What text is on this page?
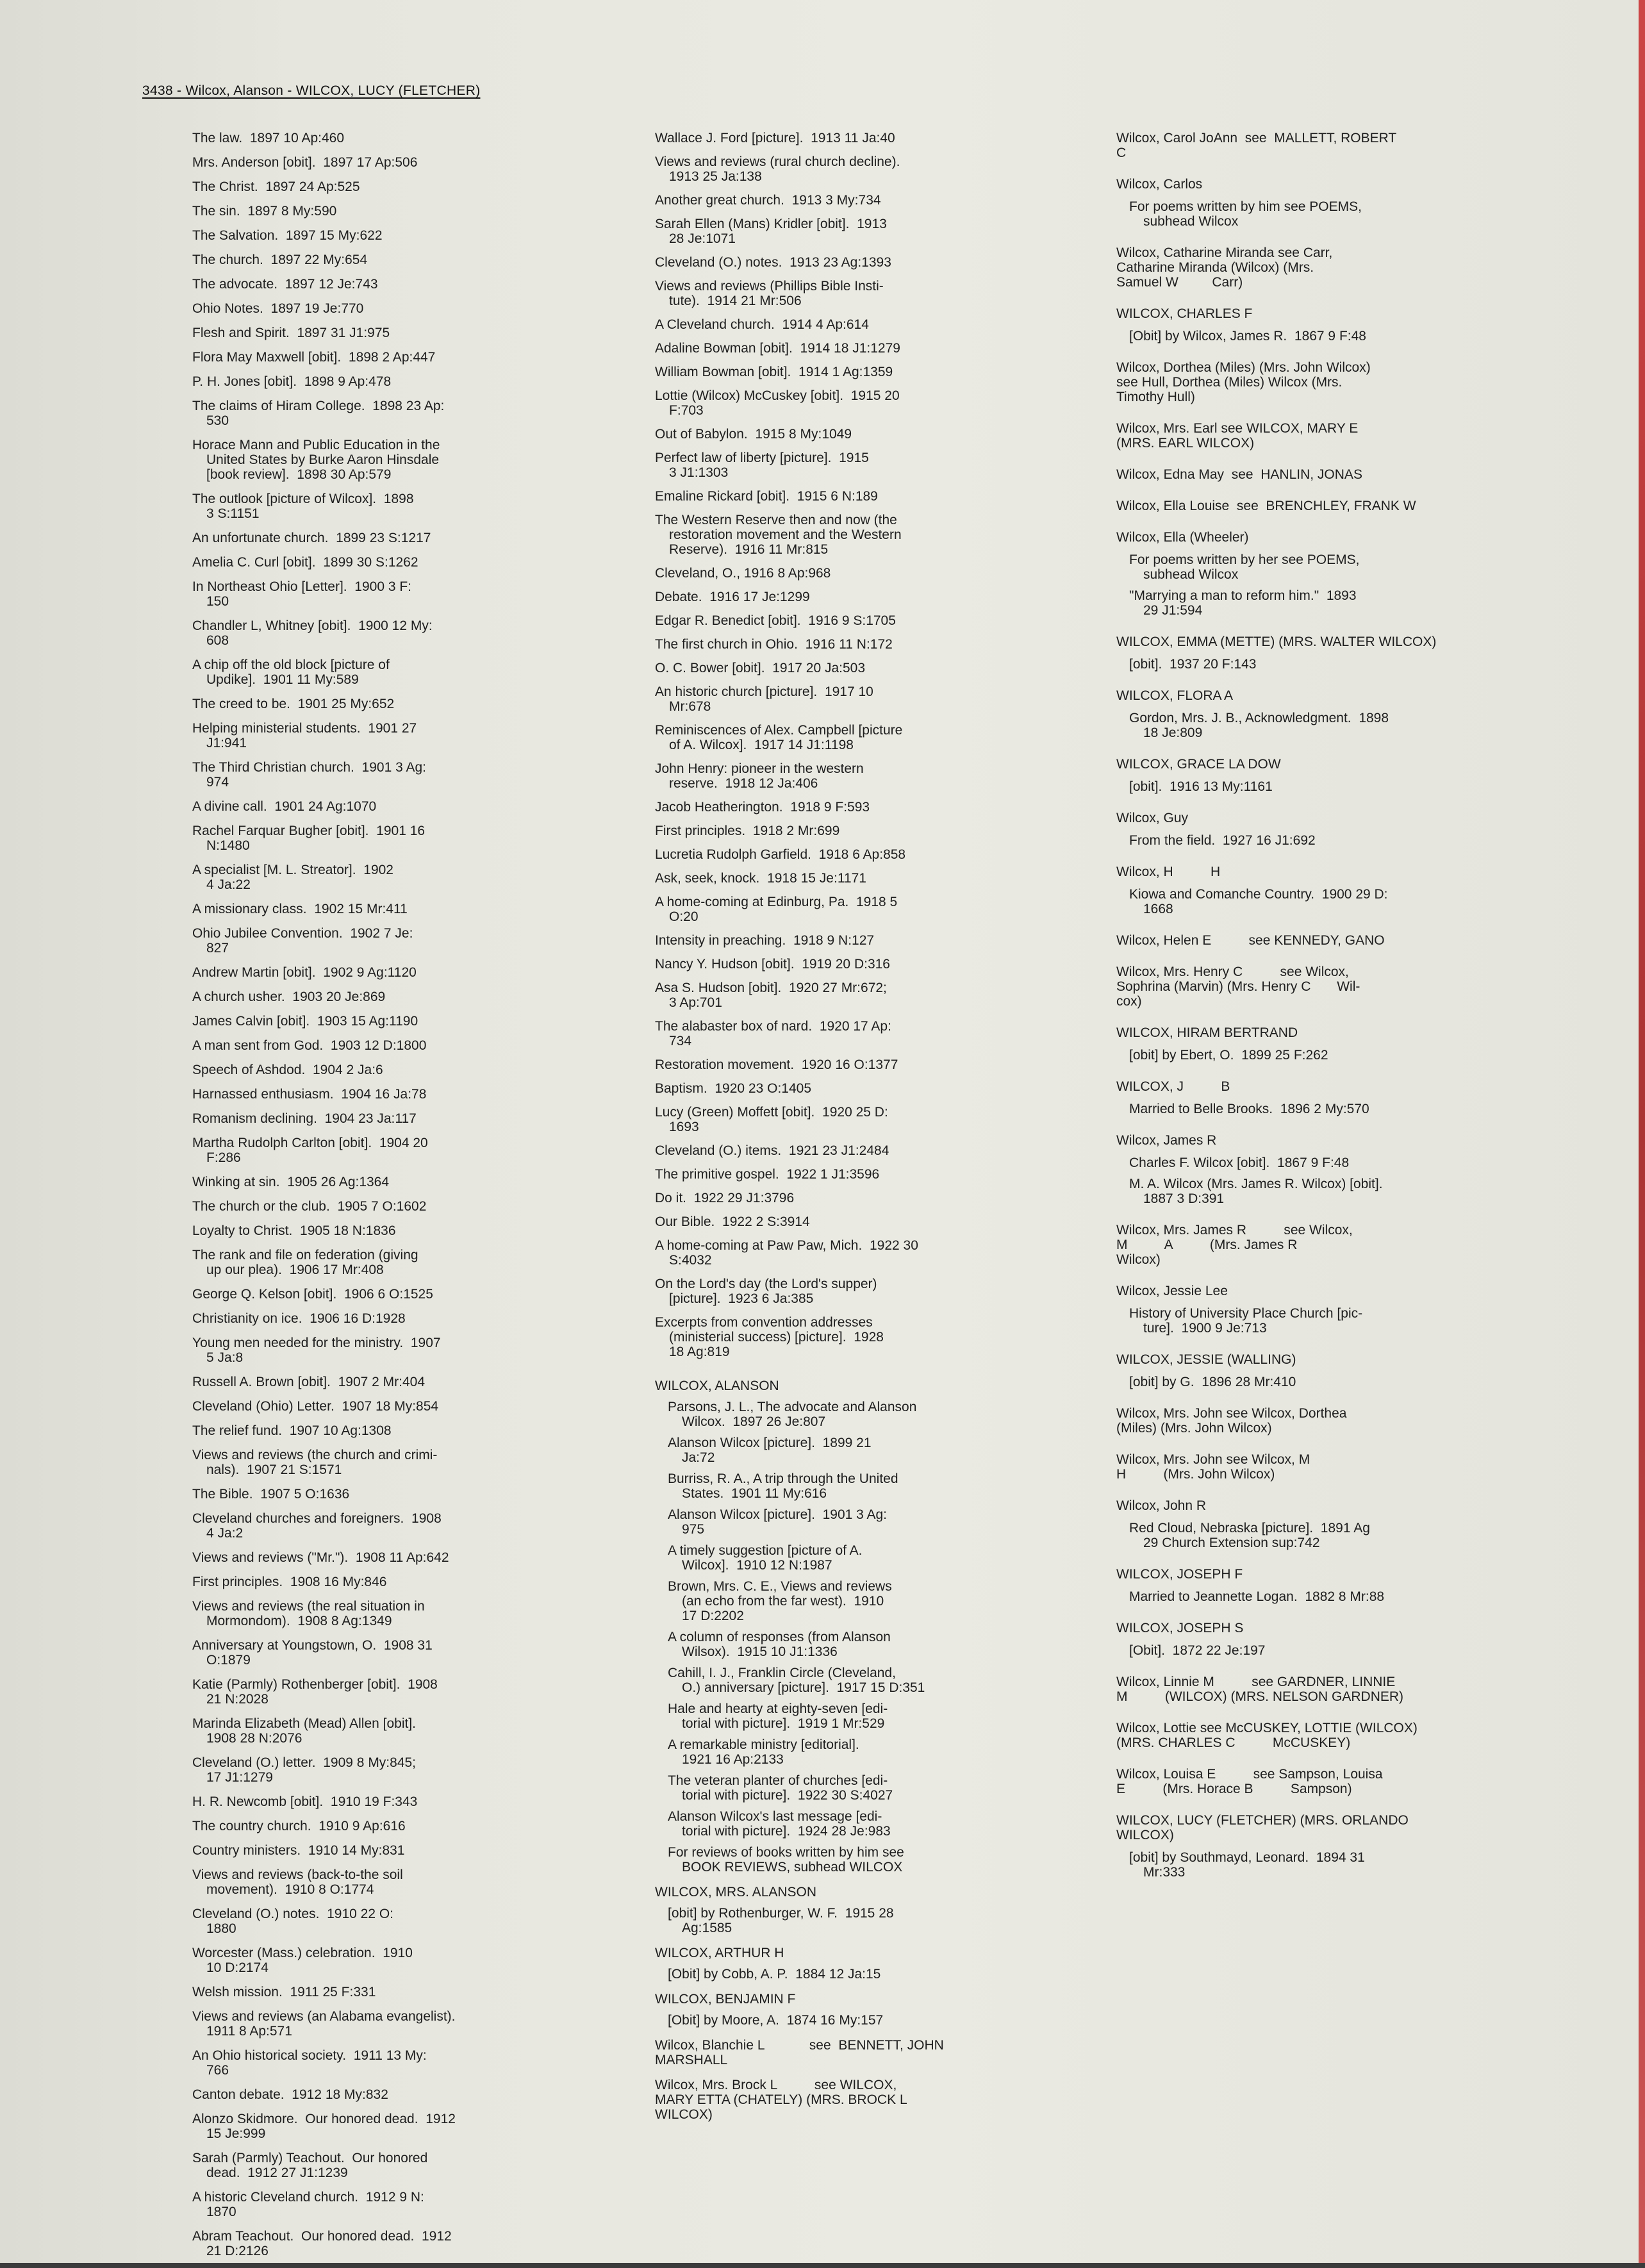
3438 - Wilcox, Alanson - WILCOX, LUCY (FLETCHER)
The law.  1897 10 Ap:460
Mrs. Anderson [obit].  1897 17 Ap:506
The Christ.  1897 24 Ap:525
The sin.  1897 8 My:590
The Salvation.  1897 15 My:622
The church.  1897 22 My:654
The advocate.  1897 12 Je:743
Ohio Notes.  1897 19 Je:770
Flesh and Spirit.  1897 31 J1:975
Flora May Maxwell [obit].  1898 2 Ap:447
P. H. Jones [obit].  1898 9 Ap:478
The claims of Hiram College.  1898 23 Ap:
530
Horace Mann and Public Education in the
United States by Burke Aaron Hinsdale
[book review].  1898 30 Ap:579
The outlook [picture of Wilcox].  1898
3 S:1151
An unfortunate church.  1899 23 S:1217
Amelia C. Curl [obit].  1899 30 S:1262
In Northeast Ohio [Letter].  1900 3 F:
150
Chandler L, Whitney [obit].  1900 12 My:
608
A chip off the old block [picture of
Updike].  1901 11 My:589
The creed to be.  1901 25 My:652
Helping ministerial students.  1901 27
J1:941
The Third Christian church.  1901 3 Ag:
974
A divine call.  1901 24 Ag:1070
Rachel Farquar Bugher [obit].  1901 16
N:1480
A specialist [M. L. Streator].  1902
4 Ja:22
A missionary class.  1902 15 Mr:411
Ohio Jubilee Convention.  1902 7 Je:
827
Andrew Martin [obit].  1902 9 Ag:1120
A church usher.  1903 20 Je:869
James Calvin [obit].  1903 15 Ag:1190
A man sent from God.  1903 12 D:1800
Speech of Ashdod.  1904 2 Ja:6
Harnassed enthusiasm.  1904 16 Ja:78
Romanism declining.  1904 23 Ja:117
Martha Rudolph Carlton [obit].  1904 20
F:286
Winking at sin.  1905 26 Ag:1364
The church or the club.  1905 7 O:1602
Loyalty to Christ.  1905 18 N:1836
The rank and file on federation (giving
up our plea).  1906 17 Mr:408
George Q. Kelson [obit].  1906 6 O:1525
Christianity on ice.  1906 16 D:1928
Young men needed for the ministry.  1907
5 Ja:8
Russell A. Brown [obit].  1907 2 Mr:404
Cleveland (Ohio) Letter.  1907 18 My:854
The relief fund.  1907 10 Ag:1308
Views and reviews (the church and crimi-
nals).  1907 21 S:1571
The Bible.  1907 5 O:1636
Cleveland churches and foreigners.  1908
4 Ja:2
Views and reviews ("Mr.").  1908 11 Ap:642
First principles.  1908 16 My:846
Views and reviews (the real situation in
Mormondom).  1908 8 Ag:1349
Anniversary at Youngstown, O.  1908 31
O:1879
Katie (Parmly) Rothenberger [obit].  1908
21 N:2028
Marinda Elizabeth (Mead) Allen [obit].
1908 28 N:2076
Cleveland (O.) letter.  1909 8 My:845;
17 J1:1279
H. R. Newcomb [obit].  1910 19 F:343
The country church.  1910 9 Ap:616
Country ministers.  1910 14 My:831
Views and reviews (back-to-the soil
movement).  1910 8 O:1774
Cleveland (O.) notes.  1910 22 O:
1880
Worcester (Mass.) celebration.  1910
10 D:2174
Welsh mission.  1911 25 F:331
Views and reviews (an Alabama evangelist).
1911 8 Ap:571
An Ohio historical society.  1911 13 My:
766
Canton debate.  1912 18 My:832
Alonzo Skidmore.  Our honored dead.  1912
15 Je:999
Sarah (Parmly) Teachout.  Our honored
dead.  1912 27 J1:1239
A historic Cleveland church.  1912 9 N:
1870
Abram Teachout.  Our honored dead.  1912
21 D:2126
Wallace J. Ford [picture].  1913 11 Ja:40
Views and reviews (rural church decline).
1913 25 Ja:138
Another great church.  1913 3 My:734
Sarah Ellen (Mans) Kridler [obit].  1913
28 Je:1071
Cleveland (O.) notes.  1913 23 Ag:1393
Views and reviews (Phillips Bible Insti-
tute).  1914 21 Mr:506
A Cleveland church.  1914 4 Ap:614
Adaline Bowman [obit].  1914 18 J1:1279
William Bowman [obit].  1914 1 Ag:1359
Lottie (Wilcox) McCuskey [obit].  1915 20
F:703
Out of Babylon.  1915 8 My:1049
Perfect law of liberty [picture].  1915
3 J1:1303
Emaline Rickard [obit].  1915 6 N:189
The Western Reserve then and now (the
restoration movement and the Western
Reserve).  1916 11 Mr:815
Cleveland, O., 1916 8 Ap:968
Debate.  1916 17 Je:1299
Edgar R. Benedict [obit].  1916 9 S:1705
The first church in Ohio.  1916 11 N:172
O. C. Bower [obit].  1917 20 Ja:503
An historic church [picture].  1917 10
Mr:678
Reminiscences of Alex. Campbell [picture
of A. Wilcox].  1917 14 J1:1198
John Henry: pioneer in the western
reserve.  1918 12 Ja:406
Jacob Heatherington.  1918 9 F:593
First principles.  1918 2 Mr:699
Lucretia Rudolph Garfield.  1918 6 Ap:858
Ask, seek, knock.  1918 15 Je:1171
A home-coming at Edinburg, Pa.  1918 5
O:20
Intensity in preaching.  1918 9 N:127
Nancy Y. Hudson [obit].  1919 20 D:316
Asa S. Hudson [obit].  1920 27 Mr:672;
3 Ap:701
The alabaster box of nard.  1920 17 Ap:
734
Restoration movement.  1920 16 O:1377
Baptism.  1920 23 O:1405
Lucy (Green) Moffett [obit].  1920 25 D:
1693
Cleveland (O.) items.  1921 23 J1:2484
The primitive gospel.  1922 1 J1:3596
Do it.  1922 29 J1:3796
Our Bible.  1922 2 S:3914
A home-coming at Paw Paw, Mich.  1922 30
S:4032
On the Lord's day (the Lord's supper)
[picture].  1923 6 Ja:385
Excerpts from convention addresses
(ministerial success) [picture].  1928
18 Ag:819
WILCOX, ALANSON
Parsons, J. L., The advocate and Alanson
Wilcox.  1897 26 Je:807
Alanson Wilcox [picture].  1899 21
Ja:72
Burriss, R. A., A trip through the United
States.  1901 11 My:616
Alanson Wilcox [picture].  1901 3 Ag:
975
A timely suggestion [picture of A.
Wilcox].  1910 12 N:1987
Brown, Mrs. C. E., Views and reviews
(an echo from the far west).  1910
17 D:2202
A column of responses (from Alanson
Wilsox).  1915 10 J1:1336
Cahill, I. J., Franklin Circle (Cleveland,
O.) anniversary [picture].  1917 15 D:351
Hale and hearty at eighty-seven [edi-
torial with picture].  1919 1 Mr:529
A remarkable ministry [editorial].
1921 16 Ap:2133
The veteran planter of churches [edi-
torial with picture].  1922 30 S:4027
Alanson Wilcox's last message [edi-
torial with picture].  1924 28 Je:983
For reviews of books written by him see
BOOK REVIEWS, subhead WILCOX
WILCOX, MRS. ALANSON
[obit] by Rothenburger, W. F.  1915 28
Ag:1585
WILCOX, ARTHUR H
[Obit] by Cobb, A. P.  1884 12 Ja:15
WILCOX, BENJAMIN F
[Obit] by Moore, A.  1874 16 My:157
Wilcox, Blanchie L            see  BENNETT, JOHN
MARSHALL
Wilcox, Mrs. Brock L          see WILCOX,
MARY ETTA (CHATELY) (MRS. BROCK L
WILCOX)
Wilcox, Carol JoAnn  see  MALLETT, ROBERT
C
Wilcox, Carlos
For poems written by him see POEMS,
subhead Wilcox
Wilcox, Catharine Miranda see Carr,
Catharine Miranda (Wilcox) (Mrs.
Samuel W         Carr)
WILCOX, CHARLES F
[Obit] by Wilcox, James R.  1867 9 F:48
Wilcox, Dorthea (Miles) (Mrs. John Wilcox)
see Hull, Dorthea (Miles) Wilcox (Mrs.
Timothy Hull)
Wilcox, Mrs. Earl see WILCOX, MARY E
(MRS. EARL WILCOX)
Wilcox, Edna May  see  HANLIN, JONAS
Wilcox, Ella Louise  see  BRENCHLEY, FRANK W
Wilcox, Ella (Wheeler)
For poems written by her see POEMS,
subhead Wilcox
"Marrying a man to reform him."  1893
29 J1:594
WILCOX, EMMA (METTE) (MRS. WALTER WILCOX)
[obit].  1937 20 F:143
WILCOX, FLORA A
Gordon, Mrs. J. B., Acknowledgment.  1898
18 Je:809
WILCOX, GRACE LA DOW
[obit].  1916 13 My:1161
Wilcox, Guy
From the field.  1927 16 J1:692
Wilcox, H          H
Kiowa and Comanche Country.  1900 29 D:
1668
Wilcox, Helen E          see KENNEDY, GANO
Wilcox, Mrs. Henry C          see Wilcox,
Sophrina (Marvin) (Mrs. Henry C       Wil-
cox)
WILCOX, HIRAM BERTRAND
[obit] by Ebert, O.  1899 25 F:262
WILCOX, J          B
Married to Belle Brooks.  1896 2 My:570
Wilcox, James R
Charles F. Wilcox [obit].  1867 9 F:48
M. A. Wilcox (Mrs. James R. Wilcox) [obit].
1887 3 D:391
Wilcox, Mrs. James R          see Wilcox,
M          A          (Mrs. James R
Wilcox)
Wilcox, Jessie Lee
History of University Place Church [pic-
ture].  1900 9 Je:713
WILCOX, JESSIE (WALLING)
[obit] by G.  1896 28 Mr:410
Wilcox, Mrs. John see Wilcox, Dorthea
(Miles) (Mrs. John Wilcox)
Wilcox, Mrs. John see Wilcox, M
H          (Mrs. John Wilcox)
Wilcox, John R
Red Cloud, Nebraska [picture].  1891 Ag
29 Church Extension sup:742
WILCOX, JOSEPH F
Married to Jeannette Logan.  1882 8 Mr:88
WILCOX, JOSEPH S
[Obit].  1872 22 Je:197
Wilcox, Linnie M          see GARDNER, LINNIE
M          (WILCOX) (MRS. NELSON GARDNER)
Wilcox, Lottie see McCUSKEY, LOTTIE (WILCOX)
(MRS. CHARLES C          McCUSKEY)
Wilcox, Louisa E          see Sampson, Louisa
E          (Mrs. Horace B          Sampson)
WILCOX, LUCY (FLETCHER) (MRS. ORLANDO
WILCOX)
[obit] by Southmayd, Leonard.  1894 31
Mr:333
